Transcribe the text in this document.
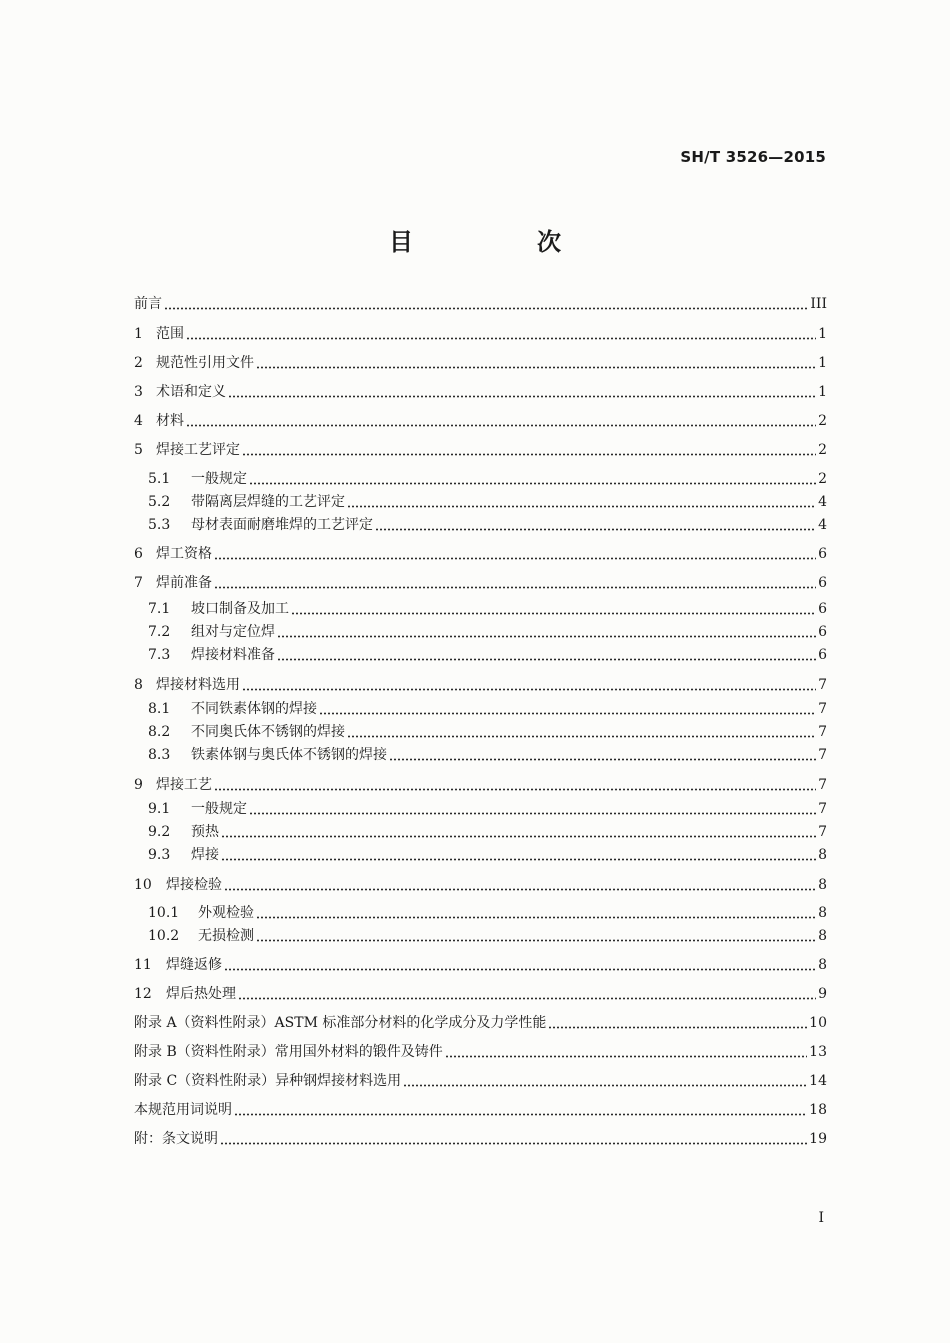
SH/T 3526—2015
目　次
前言	III
1 范围	1
2 规范性引用文件	1
3 术语和定义	1
4 材料	2
5 焊接工艺评定	2
5.1	一般规定	2
5.2	带隔离层焊缝的工艺评定	4
5.3	母材表面耐磨堆焊的工艺评定	4
6 焊工资格	6
7 焊前准备	6
7.1	坡口制备及加工	6
7.2	组对与定位焊	6
7.3	焊接材料准备	6
8 焊接材料选用	7
8.1	不同铁素体钢的焊接	7
8.2	不同奥氏体不锈钢的焊接	7
8.3	铁素体钢与奥氏体不锈钢的焊接	7
9 焊接工艺	7
9.1	一般规定	7
9.2	预热	7
9.3	焊接	8
10	焊接检验	8
10.1	外观检验	8
10.2	无损检测	8
11	焊缝返修	8
12	焊后热处理	9
附录 A（资料性附录）ASTM 标准部分材料的化学成分及力学性能	10
附录 B（资料性附录）常用国外材料的锻件及铸件	13
附录 C（资料性附录）异种钢焊接材料选用	14
本规范用词说明	18
附：条文说明	19
I
